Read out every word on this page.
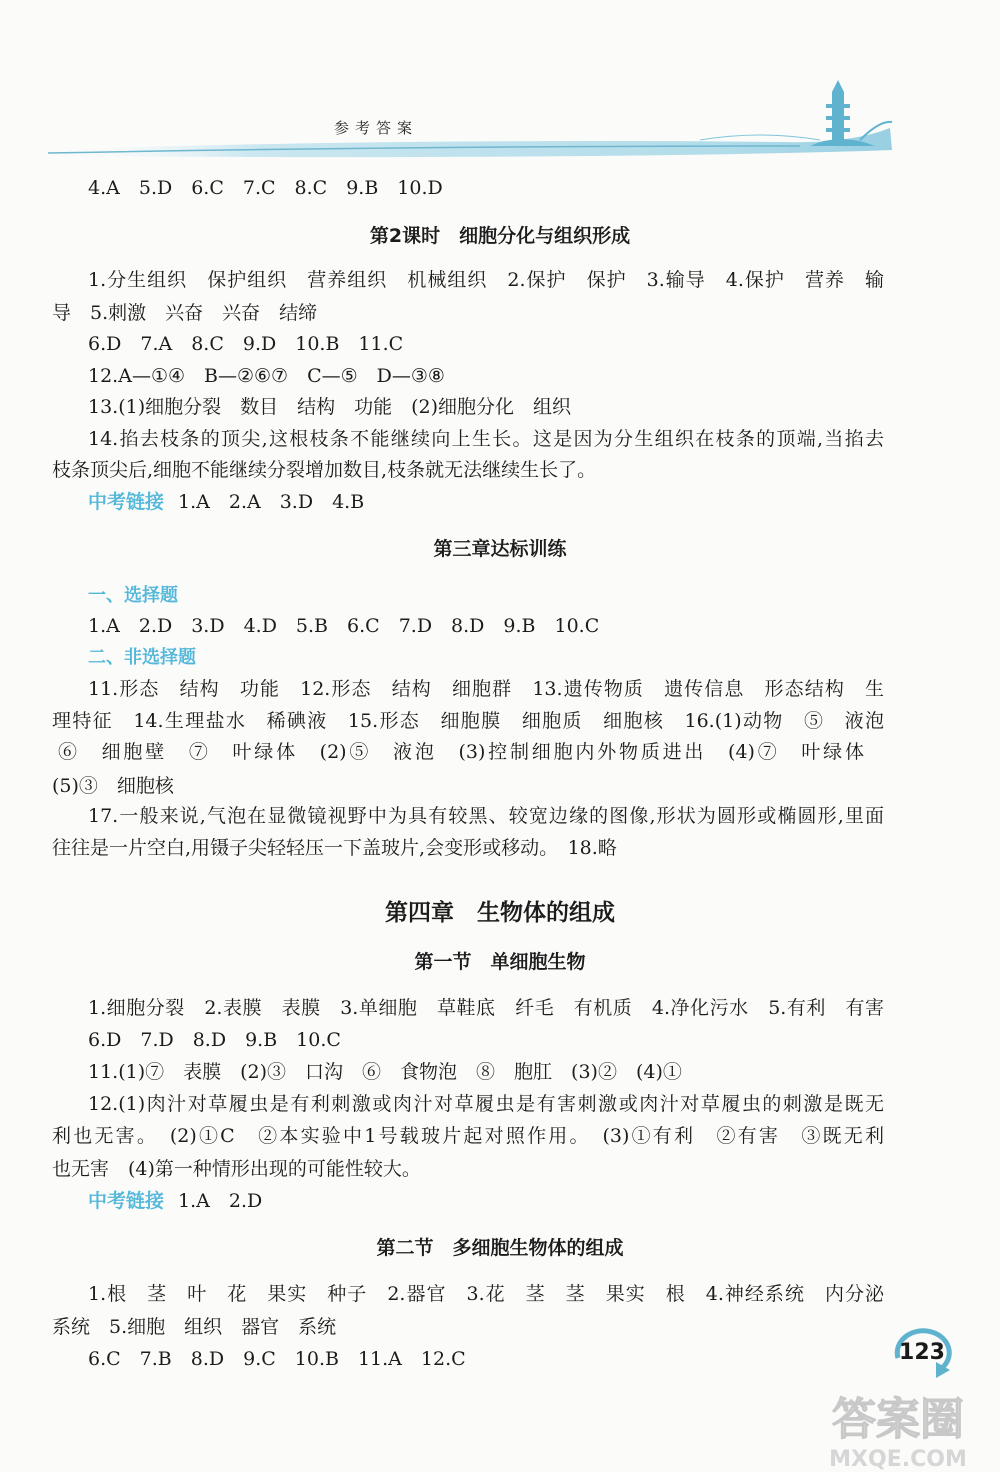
参考答案
4.A　5.D　6.C　7.C　8.C　9.B　10.D
第2课时　细胞分化与组织形成
1.分生组织　保护组织　营养组织　机械组织　2.保护　保护　3.输导　4.保护　营养　输
导　5.刺激　兴奋　兴奋　结缔
6.D　7.A　8.C　9.D　10.B　11.C
12.A—①④　B—②⑥⑦　C—⑤　D—③⑧
13.(1)细胞分裂　数目　结构　功能　(2)细胞分化　组织
14.掐去枝条的顶尖,这根枝条不能继续向上生长。这是因为分生组织在枝条的顶端,当掐去
枝条顶尖后,细胞不能继续分裂增加数目,枝条就无法继续生长了。
中考链接 1.A　2.A　3.D　4.B
第三章达标训练
一、选择题
1.A　2.D　3.D　4.D　5.B　6.C　7.D　8.D　9.B　10.C
二、非选择题
11.形态　结构　功能　12.形态　结构　细胞群　13.遗传物质　遗传信息　形态结构　生
理特征　14.生理盐水　稀碘液　15.形态　细胞膜　细胞质　细胞核　16.(1)动物　⑤　液泡
⑥　细胞壁　⑦　叶绿体　(2)⑤　液泡　(3)控制细胞内外物质进出　(4)⑦　叶绿体
(5)③　细胞核
17.一般来说,气泡在显微镜视野中为具有较黑、较宽边缘的图像,形状为圆形或椭圆形,里面
往往是一片空白,用镊子尖轻轻压一下盖玻片,会变形或移动。　18.略
第四章　生物体的组成
第一节　单细胞生物
1.细胞分裂　2.表膜　表膜　3.单细胞　草鞋底　纤毛　有机质　4.净化污水　5.有利　有害
6.D　7.D　8.D　9.B　10.C
11.(1)⑦　表膜　(2)③　口沟　⑥　食物泡　⑧　胞肛　(3)②　(4)①
12.(1)肉汁对草履虫是有利刺激或肉汁对草履虫是有害刺激或肉汁对草履虫的刺激是既无
利也无害。　(2)①C　②本实验中1号载玻片起对照作用。　(3)①有利　②有害　③既无利
也无害　(4)第一种情形出现的可能性较大。
中考链接 1.A　2.D
第二节　多细胞生物体的组成
1.根　茎　叶　花　果实　种子　2.器官　3.花　茎　茎　果实　根　4.神经系统　内分泌
系统　5.细胞　组织　器官　系统
6.C　7.B　8.D　9.C　10.B　11.A　12.C	123
答案圈
MXQE.COM
